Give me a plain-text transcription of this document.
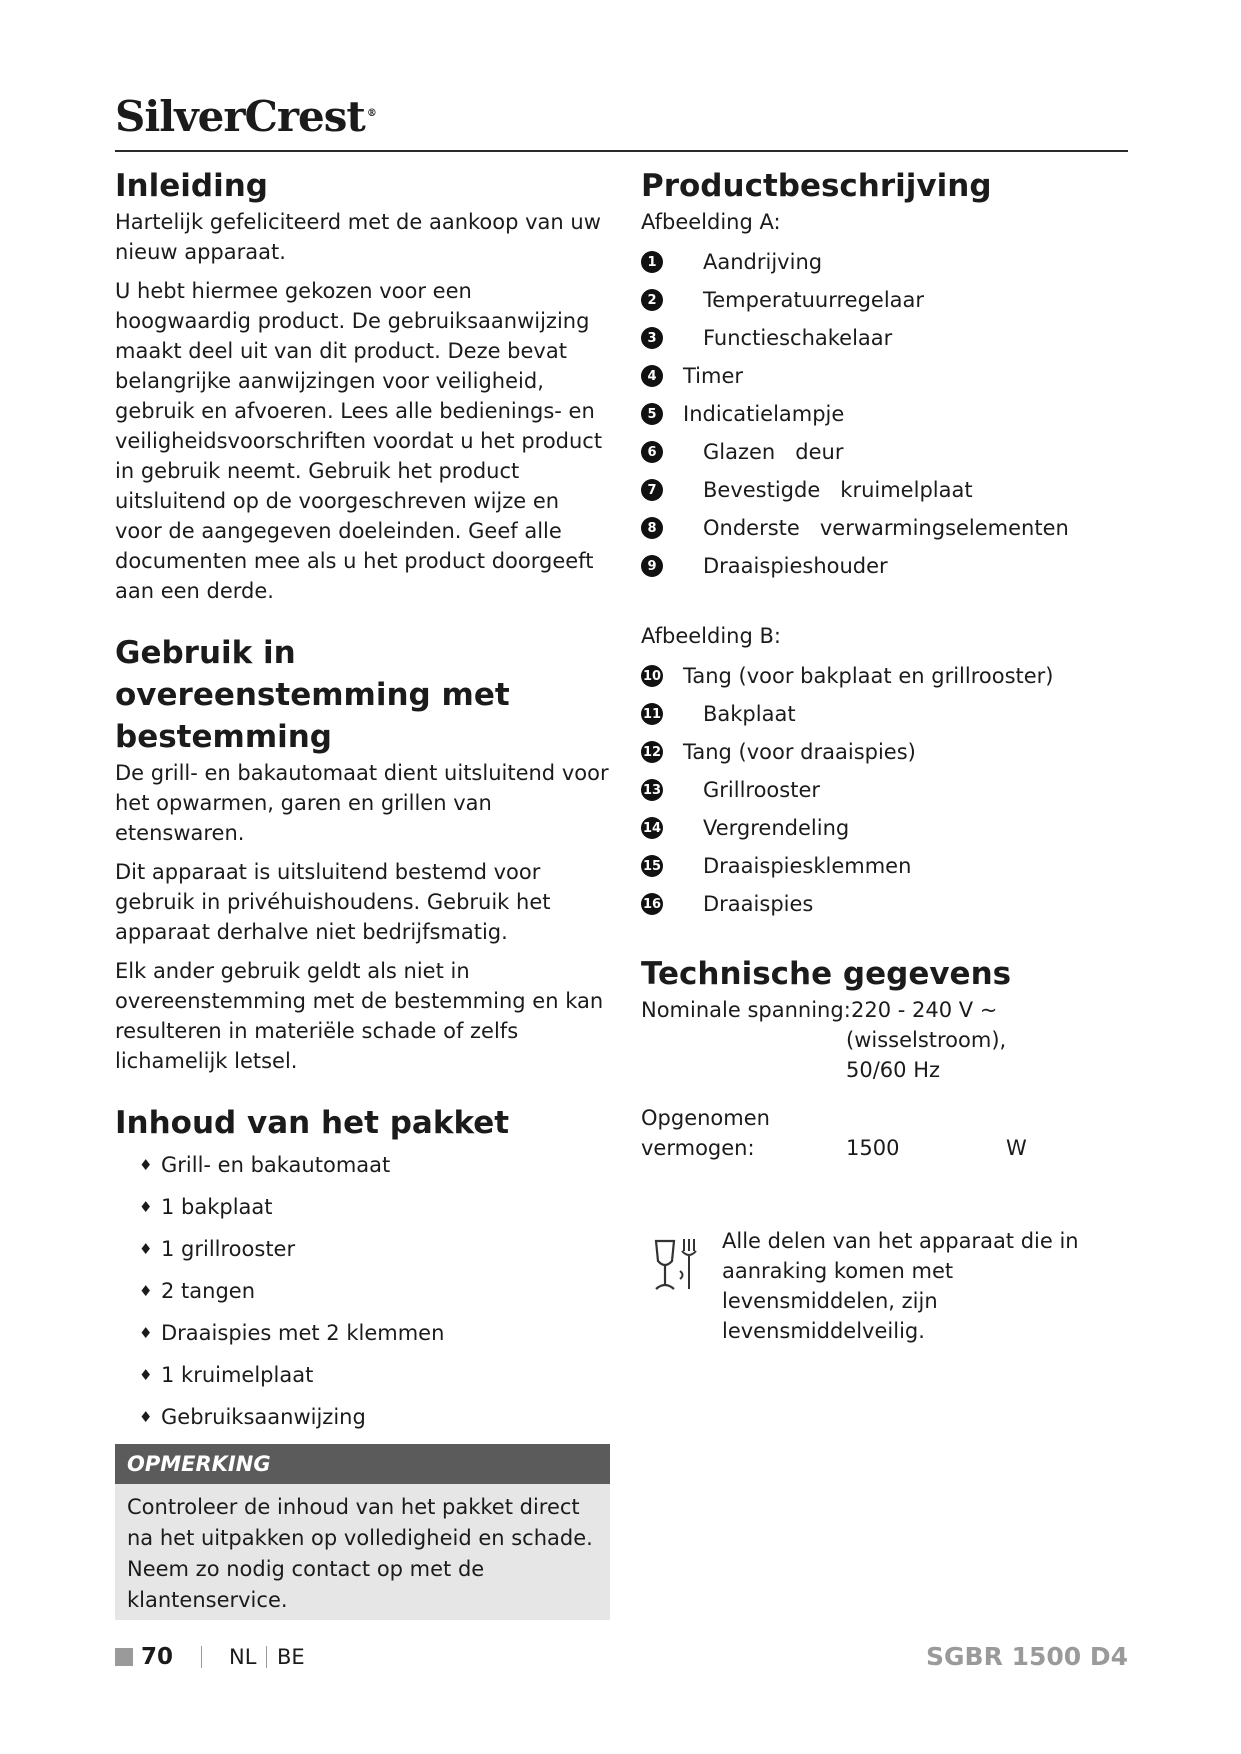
SilverCrest ®
Inleiding

Hartelijk gefeliciteerd met de aankoop van uw nieuw apparaat.

U hebt hiermee gekozen voor een hoogwaardig product. De gebruiksaanwijzing maakt deel uit van dit product. Deze bevat belangrijke aanwijzingen voor veiligheid, gebruik en afvoeren. Lees alle bedienings- en veiligheidsvoorschriften voordat u het product in gebruik neemt. Gebruik het product uitsluitend op de voorgeschreven wijze en voor de aangegeven doeleinden. Geef alle documenten mee als u het product doorgeeft aan een derde.

Gebruik in overeenstemming met bestemming

De grill- en bakautomaat dient uitsluitend voor het opwarmen, garen en grillen van etenswaren.

Dit apparaat is uitsluitend bestemd voor gebruik in privéhuishoudens. Gebruik het apparaat derhalve niet bedrijfsmatig.

Elk ander gebruik geldt als niet in overeenstemming met de bestemming en kan resulteren in materiële schade of zelfs lichamelijk letsel.

Inhoud van het pakket
♦ Grill- en bakautomaat
♦ 1 bakplaat
♦ 1 grillrooster
♦ 2 tangen
♦ Draaispies met 2 klemmen
♦ 1 kruimelplaat
♦ Gebruiksaanwijzing
OPMERKING
Controleer de inhoud van het pakket direct na het uitpakken op volledigheid en schade. Neem zo nodig contact op met de klantenservice.
Productbeschrijving

Afbeelding A:

1	Aandrijving
2	Temperatuurregelaar
3	Functieschakelaar
4	Timer
5	Indicatielampje
6	Glazen   deur
7	Bevestigde   kruimelplaat
8	Onderste   verwarmingselementen
9	Draaispieshouder

Afbeelding B:

10 Tang (voor bakplaat en grillrooster)
11 Bakplaat
12 Tang (voor draaispies)
13 Grillrooster
14 Vergrendeling
15 Draaispiesklemmen
16 Draaispies
Technische gegevens
Nominale spanning: 220 - 240 V ~
(wisselstroom),
50/60 Hz
Opgenomen
vermogen:	1500	W
Alle delen van het apparaat die in aanraking komen met levensmiddelen, zijn levensmiddelveilig.
70	NL BE	SGBR 1500 D4
